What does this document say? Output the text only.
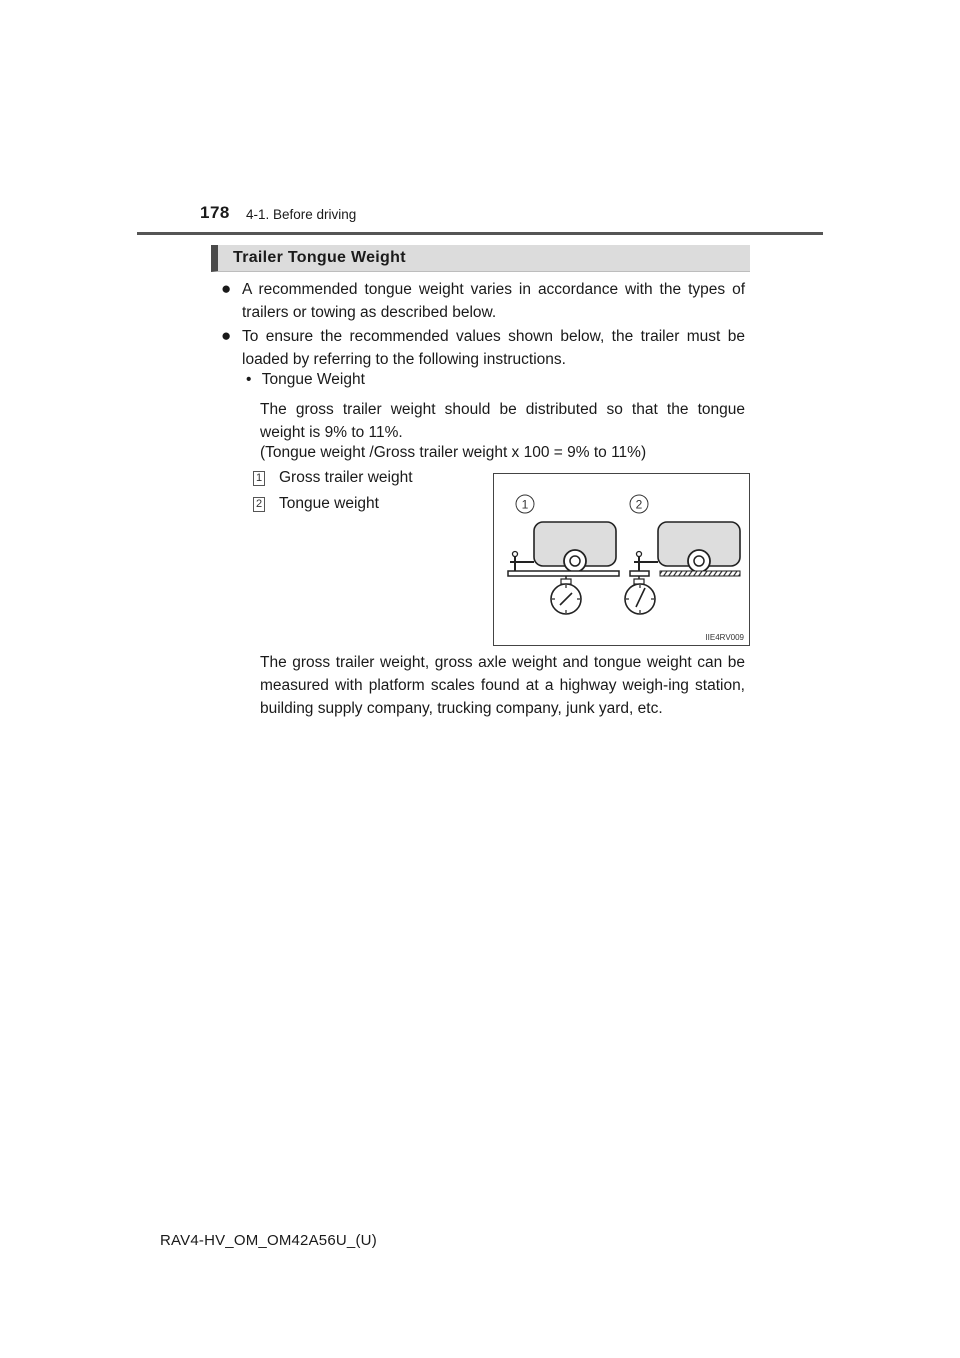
178 4-1. Before driving
Trailer Tongue Weight
● A recommended tongue weight varies in accordance with the types of trailers or towing as described below.
● To ensure the recommended values shown below, the trailer must be loaded by referring to the following instructions.
• Tongue Weight
The gross trailer weight should be distributed so that the tongue weight is 9% to 11%.
(Tongue weight /Gross trailer weight x 100 = 9% to 11%)
1 Gross trailer weight
2 Tongue weight	1	2
IIE4RV009
The gross trailer weight, gross axle weight and tongue weight can be measured with platform scales found at a highway weigh-ing station, building supply company, trucking company, junk yard, etc.
RAV4-HV_OM_OM42A56U_(U)
